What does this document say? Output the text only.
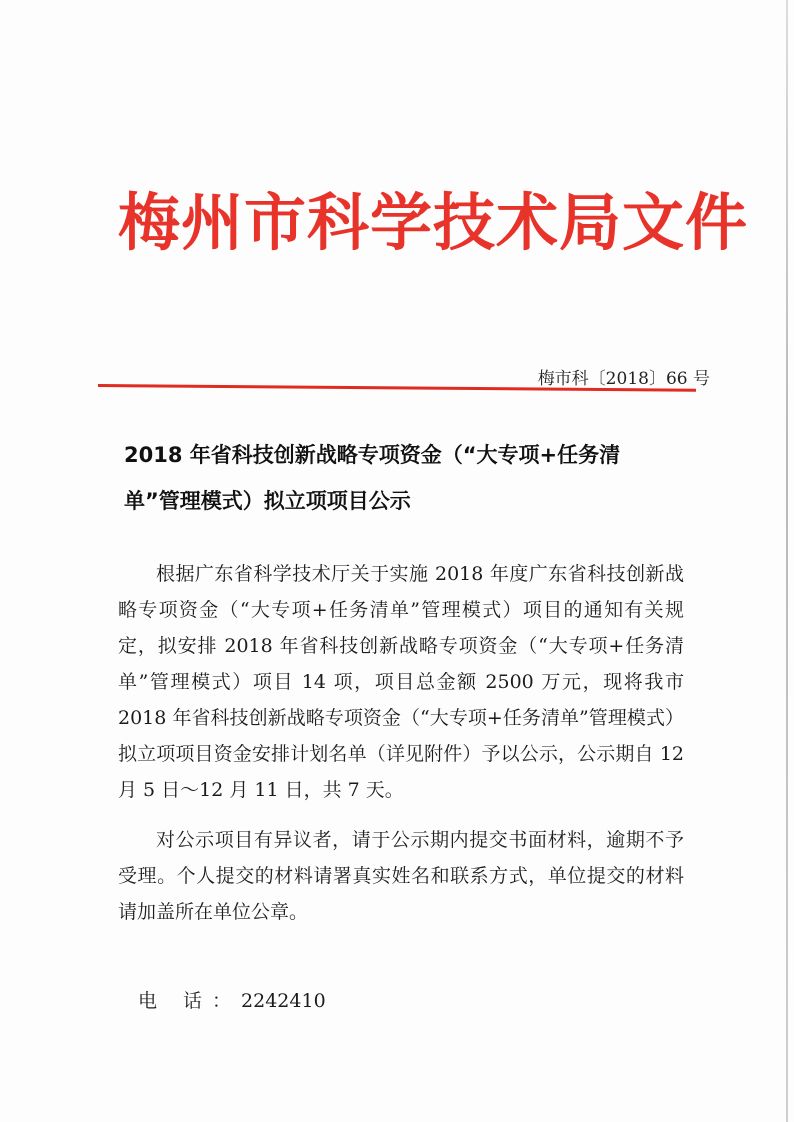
梅州市科学技术局文件
梅市科〔2018〕66 号
2018 年省科技创新战略专项资金（“大专项+任务清
单”管理模式）拟立项项目公示

根据广东省科学技术厅关于实施 2018 年度广东省科技创新战略专项资金（“大专项+任务清单”管理模式）项目的通知有关规定，拟安排 2018 年省科技创新战略专项资金（“大专项+任务清单”管理模式）项目 14 项，项目总金额 2500 万元，现将我市 2018 年省科技创新战略专项资金（“大专项+任务清单”管理模式）拟立项项目资金安排计划名单（详见附件）予以公示，公示期自 12 月 5 日～12 月 11 日，共 7 天。

对公示项目有异议者，请于公示期内提交书面材料，逾期不予受理。个人提交的材料请署真实姓名和联系方式，单位提交的材料请加盖所在单位公章。

电 话：2242410
